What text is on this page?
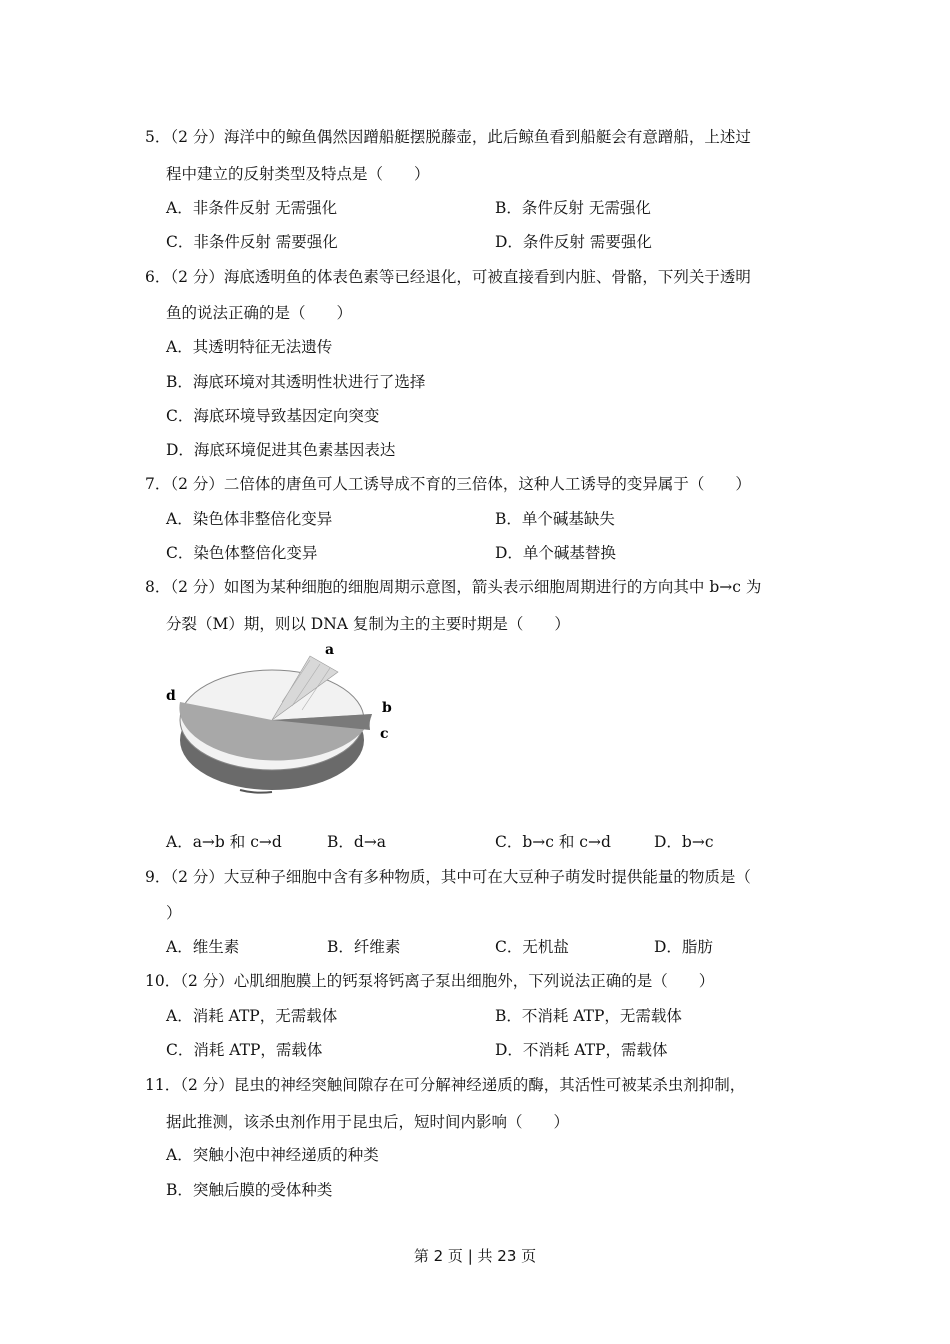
5．（2 分）海洋中的鲸鱼偶然因蹭船艇摆脱藤壶，此后鲸鱼看到船艇会有意蹭船，上述过
程中建立的反射类型及特点是（　　）
A．非条件反射 无需强化	B．条件反射 无需强化
C．非条件反射 需要强化	D．条件反射 需要强化
6．（2 分）海底透明鱼的体表色素等已经退化，可被直接看到内脏、骨骼，下列关于透明
鱼的说法正确的是（　　）
A．其透明特征无法遗传
B．海底环境对其透明性状进行了选择
C．海底环境导致基因定向突变
D．海底环境促进其色素基因表达
7．（2 分）二倍体的唐鱼可人工诱导成不育的三倍体，这种人工诱导的变异属于（　　）
A．染色体非整倍化变异	B．单个碱基缺失
C．染色体整倍化变异	D．单个碱基替换
8．（2 分）如图为某种细胞的细胞周期示意图，箭头表示细胞周期进行的方向其中 b→c 为
分裂（M）期，则以 DNA 复制为主的主要时期是（　　）
a
b
c
d
A．a→b 和 c→d	B．d→a	C．b→c 和 c→d	D．b→c
9．（2 分）大豆种子细胞中含有多种物质，其中可在大豆种子萌发时提供能量的物质是（
）
A．维生素	B．纤维素	C．无机盐	D．脂肪
10．（2 分）心肌细胞膜上的钙泵将钙离子泵出细胞外，下列说法正确的是（　　）
A．消耗 ATP，无需载体	B．不消耗 ATP，无需载体
C．消耗 ATP，需载体	D．不消耗 ATP，需载体
11．（2 分）昆虫的神经突触间隙存在可分解神经递质的酶，其活性可被某杀虫剂抑制，
据此推测，该杀虫剂作用于昆虫后，短时间内影响（　　）
A．突触小泡中神经递质的种类
B．突触后膜的受体种类
第 2 页 | 共 23 页
